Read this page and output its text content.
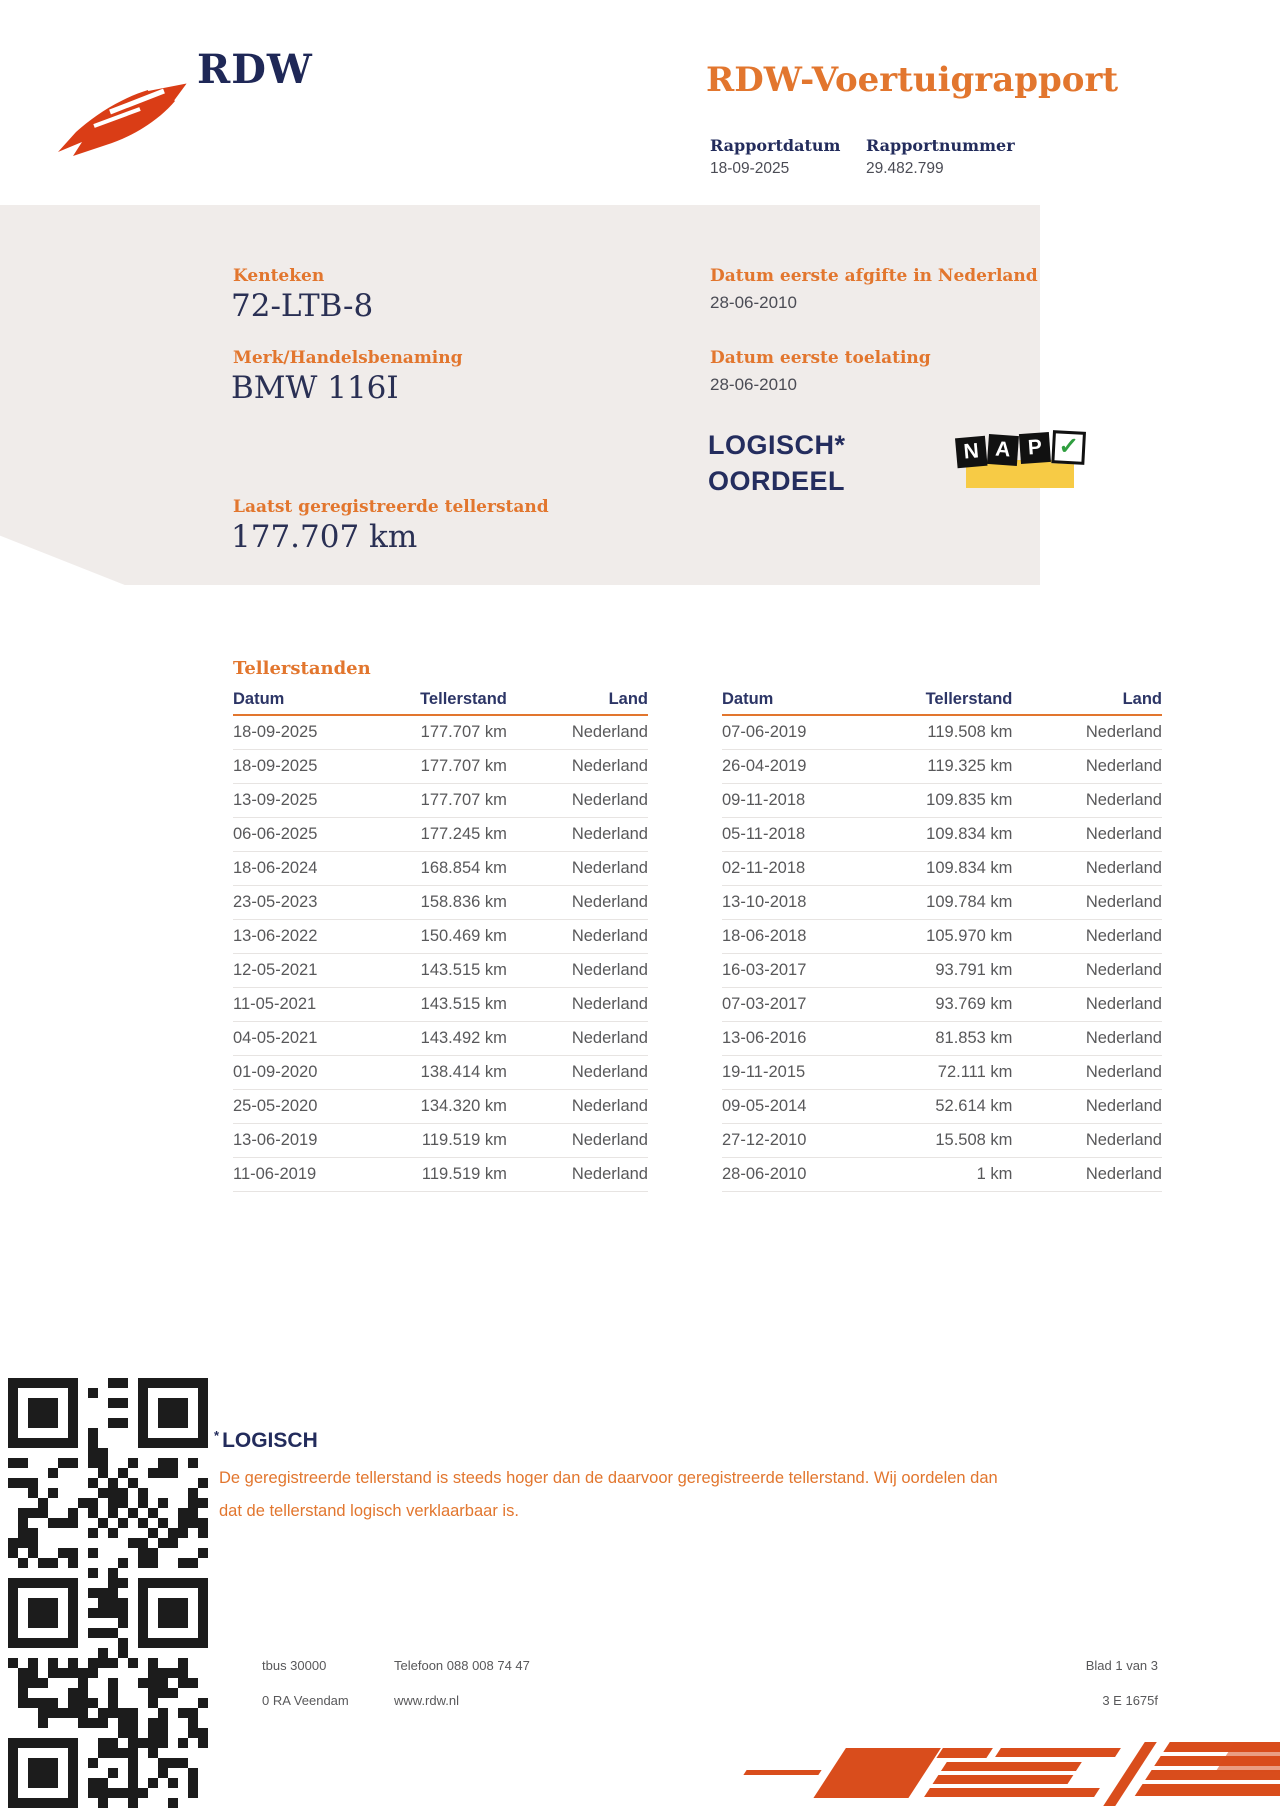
RDW	RDW-Voertuigrapport
Rapportdatum
18-09-2025
Rapportnummer
29.482.799
Kenteken
72-LTB-8
Merk/Handelsbenaming
BMW 116I
Laatst geregistreerde tellerstand
177.707 km
Datum eerste afgifte in Nederland
28-06-2010
Datum eerste toelating
28-06-2010
LOGISCH*
OORDEEL
N A P ✓
Tellerstanden
Datum	Tellerstand	Land
18-09-2025	177.707 km	Nederland
18-09-2025	177.707 km	Nederland
13-09-2025	177.707 km	Nederland
06-06-2025	177.245 km	Nederland
18-06-2024	168.854 km	Nederland
23-05-2023	158.836 km	Nederland
13-06-2022	150.469 km	Nederland
12-05-2021	143.515 km	Nederland
11-05-2021	143.515 km	Nederland
04-05-2021	143.492 km	Nederland
01-09-2020	138.414 km	Nederland
25-05-2020	134.320 km	Nederland
13-06-2019	119.519 km	Nederland
11-06-2019	119.519 km	Nederland
Datum	Tellerstand	Land
07-06-2019	119.508 km	Nederland
26-04-2019	119.325 km	Nederland
09-11-2018	109.835 km	Nederland
05-11-2018	109.834 km	Nederland
02-11-2018	109.834 km	Nederland
13-10-2018	109.784 km	Nederland
18-06-2018	105.970 km	Nederland
16-03-2017	93.791 km	Nederland
07-03-2017	93.769 km	Nederland
13-06-2016	81.853 km	Nederland
19-11-2015	72.111 km	Nederland
09-05-2014	52.614 km	Nederland
27-12-2010	15.508 km	Nederland
28-06-2010	1 km	Nederland
* LOGISCH
De geregistreerde tellerstand is steeds hoger dan de daarvoor geregistreerde tellerstand. Wij oordelen dan dat de tellerstand logisch verklaarbaar is.
tbus 30000
0 RA Veendam
Telefoon 088 008 74 47
www.rdw.nl
Blad 1 van 3
3 E 1675f
